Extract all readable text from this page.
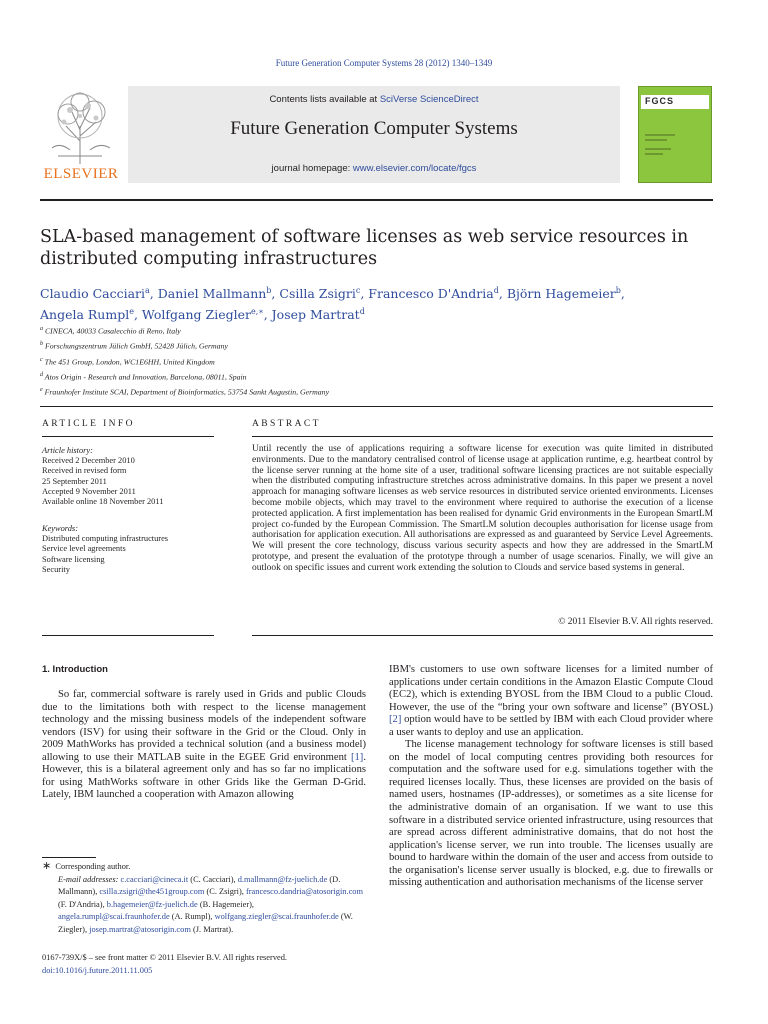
Future Generation Computer Systems 28 (2012) 1340–1349
ELSEVIER
Contents lists available at SciVerse ScienceDirect
Future Generation Computer Systems
journal homepage: www.elsevier.com/locate/fgcs
FGCS
SLA-based management of software licenses as web service resources in
distributed computing infrastructures
Claudio Cacciari$^a$, Daniel Mallmann$^b$, Csilla Zsigri$^c$, Francesco D'Andria$^d$, Björn Hagemeier$^b$,
Angela Rumpl$^e$, Wolfgang Ziegler$^{e,∗}$, Josep Martrat$^d$
$^a$ CINECA, 40033 Casalecchio di Reno, Italy
$^b$ Forschungszentrum Jülich GmbH, 52428 Jülich, Germany
$^c$ The 451 Group, London, WC1E6HH, United Kingdom
$^d$ Atos Origin - Research and Innovation, Barcelona, 08011, Spain
$^e$ Fraunhofer Institute SCAI, Department of Bioinformatics, 53754 Sankt Augustin, Germany
ARTICLE INFO
Article history:
Received 2 December 2010
Received in revised form
25 September 2011
Accepted 9 November 2011
Available online 18 November 2011
Keywords:
Distributed computing infrastructures
Service level agreements
Software licensing
Security
ABSTRACT
Until recently the use of applications requiring a software license for execution was quite limited in distributed environments. Due to the mandatory centralised control of license usage at application runtime, e.g. heartbeat control by the license server running at the home site of a user, traditional software licensing practices are not suitable especially when the distributed computing infrastructure stretches across administrative domains. In this paper we present a novel approach for managing software licenses as web service resources in distributed service oriented environments. Licenses become mobile objects, which may travel to the environment where required to authorise the execution of a license protected application. A first implementation has been realised for dynamic Grid environments in the European SmartLM project co-funded by the European Commission. The SmartLM solution decouples authorisation for license usage from authorisation for application execution. All authorisations are expressed as and guaranteed by Service Level Agreements. We will present the core technology, discuss various security aspects and how they are addressed in the SmartLM prototype, and present the evaluation of the prototype through a number of usage scenarios. Finally, we will give an outlook on specific issues and current work extending the solution to Clouds and service based systems in general.
© 2011 Elsevier B.V. All rights reserved.
1. Introduction
So far, commercial software is rarely used in Grids and public Clouds due to the limitations both with respect to the license management technology and the missing business models of the independent software vendors (ISV) for using their software in the Grid or the Cloud. Only in 2009 MathWorks has provided a technical solution (and a business model) allowing to use their MATLAB suite in the EGEE Grid environment [1]. However, this is a bilateral agreement only and has so far no implications for using MathWorks software in other Grids like the German D-Grid. Lately, IBM launched a cooperation with Amazon allowing
IBM's customers to use own software licenses for a limited number of applications under certain conditions in the Amazon Elastic Compute Cloud (EC2), which is extending BYOSL from the IBM Cloud to a public Cloud. However, the use of the “bring your own software and license” (BYOSL) [2] option would have to be settled by IBM with each Cloud provider where a user wants to deploy and use an application.
The license management technology for software licenses is still based on the model of local computing centres providing both resources for computation and the software used for e.g. simulations together with the required licenses locally. Thus, these licenses are provided on the basis of named users, hostnames (IP-addresses), or sometimes as a site license for the administrative domain of an organisation. If we want to use this software in a distributed service oriented infrastructure, using resources that are spread across different administrative domains, that do not host the application's license server, we run into trouble. The licenses usually are bound to hardware within the domain of the user and access from outside to the organisation's license server usually is blocked, e.g. due to firewalls or missing authentication and authorisation mechanisms of the license server
∗ Corresponding author.
E-mail addresses: c.cacciari@cineca.it (C. Cacciari), d.mallmann@fz-juelich.de (D. Mallmann), csilla.zsigri@the451group.com (C. Zsigri), francesco.dandria@atosorigin.com (F. D'Andria), b.hagemeier@fz-juelich.de (B. Hagemeier), angela.rumpl@scai.fraunhofer.de (A. Rumpl), wolfgang.ziegler@scai.fraunhofer.de (W. Ziegler), josep.martrat@atosorigin.com (J. Martrat).
0167-739X/$ – see front matter © 2011 Elsevier B.V. All rights reserved.
doi:10.1016/j.future.2011.11.005
